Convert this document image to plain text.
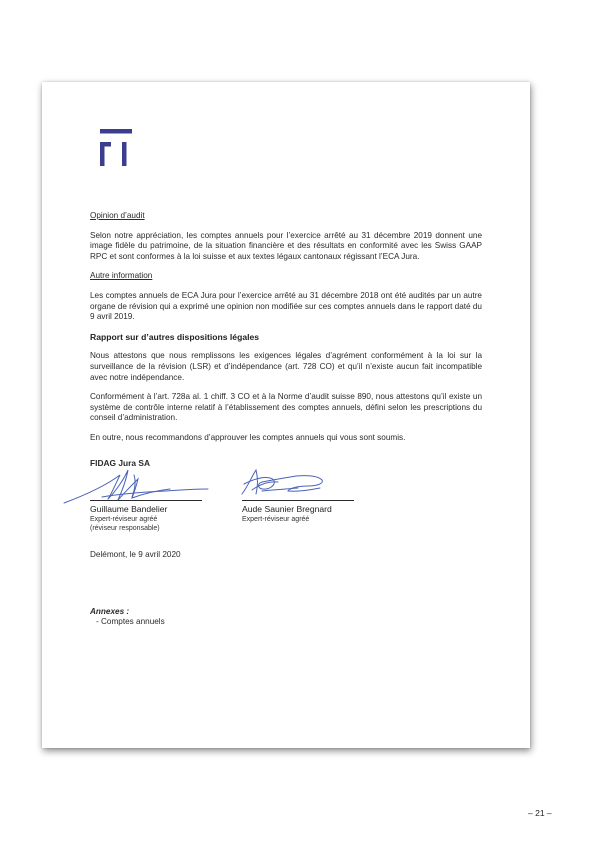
Opinion d’audit

Selon notre appréciation, les comptes annuels pour l’exercice arrêté au 31 décembre 2019 donnent une image fidèle du patrimoine, de la situation financière et des résultats en conformité avec les Swiss GAAP RPC et sont conformes à la loi suisse et aux textes légaux cantonaux régissant l’ECA Jura.

Autre information

Les comptes annuels de ECA Jura pour l’exercice arrêté au 31 décembre 2018 ont été audités par un autre organe de révision qui a exprimé une opinion non modifiée sur ces comptes annuels dans le rapport daté du 9 avril 2019.

Rapport sur d’autres dispositions légales

Nous attestons que nous remplissons les exigences légales d’agrément conformément à la loi sur la surveillance de la révision (LSR) et d’indépendance (art. 728 CO) et qu’il n’existe aucun fait incompatible avec notre indépendance.

Conformément à l’art. 728a al. 1 chiff. 3 CO et à la Norme d’audit suisse 890, nous attestons qu’il existe un système de contrôle interne relatif à l’établissement des comptes annuels, défini selon les prescriptions du conseil d’administration.

En outre, nous recommandons d’approuver les comptes annuels qui vous sont soumis.

FIDAG Jura SA
Guillaume Bandelier
Expert-réviseur agréé
(réviseur responsable)
Aude Saunier Bregnard
Expert-réviseur agréé
Delémont, le 9 avril 2020
Annexes :
- Comptes annuels
– 21 –
